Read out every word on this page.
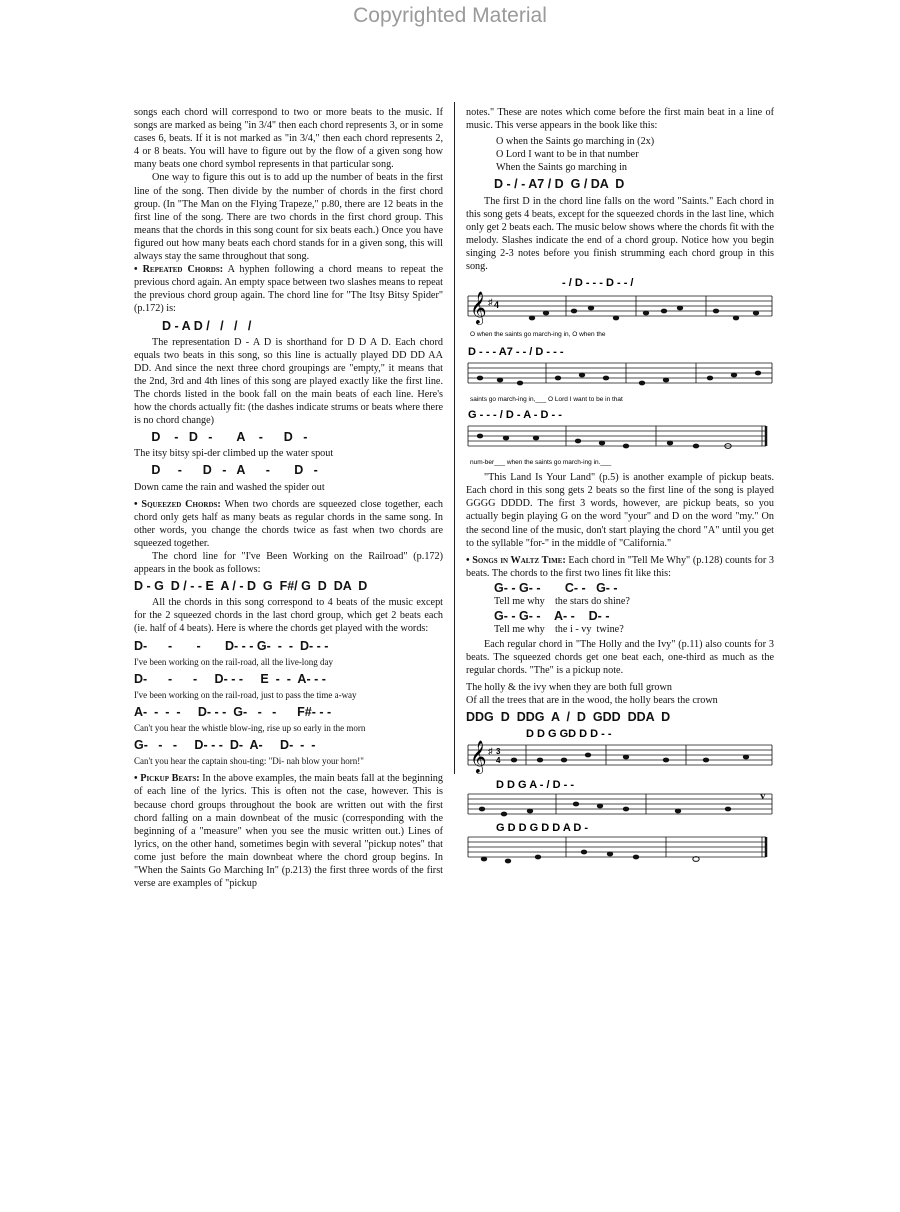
Copyrighted Material

songs each chord will correspond to two or more beats to the music. If songs are marked as being "in 3/4" then each chord represents 3, or in some cases 6, beats. If it is not marked as "in 3/4," then each chord represents 2, 4 or 8 beats. You will have to figure out by the flow of a given song how many beats one chord symbol represents in that particular song.

One way to figure this out is to add up the number of beats in the first line of the song. Then divide by the number of chords in the first chord group. (In "The Man on the Flying Trapeze," p.80, there are 12 beats in the first line of the song. There are two chords in the first chord group. This means that the chords in this song count for six beats each.) Once you have figured out how many beats each chord stands for in a given song, this will always stay the same throughout that song.

• Repeated Chords: A hyphen following a chord means to repeat the previous chord again. An empty space between two slashes means to repeat the previous chord group again. The chord line for "The Itsy Bitsy Spider" (p.172) is:

D - A D /   /   /   /

The representation D - A D is shorthand for D D A D. Each chord equals two beats in this song, so this line is actually played DD DD AA DD. And since the next three chord groupings are "empty," it means that the 2nd, 3rd and 4th lines of this song are played exactly like the first line. The chords listed in the book fall on the main beats of each line. Here's how the chords actually fit: (the dashes indicate strums or beats where there is no chord change)

D    -   D   -       A    -      D   -
The itsy bitsy spi-der climbed up the water spout
D     -      D   -   A      -       D   -
Down came the rain and washed the spider out

• Squeezed Chords: When two chords are squeezed close together, each chord only gets half as many beats as regular chords in the same song. In other words, you change the chords twice as fast when two chords are squeezed together.

The chord line for "I've Been Working on the Railroad" (p.172) appears in the book as follows:

D - G  D / - - E  A / - D  G  F#/ G  D  DA  D

All the chords in this song correspond to 4 beats of the music except for the 2 squeezed chords in the last chord group, which get 2 beats each (ie. half of 4 beats). Here is where the chords get played with the words:

D-      -       -       D- - - G-  -  -  D- - -
I've been working on the rail-road, all the live-long day
D-      -      -     D- - -     E  -  -  A- - -
I've been working on the rail-road, just to pass the time a-way
A-  -  -  -     D- - -  G-   -   -      F#- - -
Can't you hear the whistle blow-ing, rise up so early in the morn
G-   -   -     D- - -  D-  A-     D-  -  -
Can't you hear the captain shou-ting: "Di- nah blow your horn!"

• Pickup Beats: In the above examples, the main beats fall at the beginning of each line of the lyrics. This is often not the case, however. This is because chord groups throughout the book are written out with the first chord falling on a main downbeat of the music (corresponding with the beginning of a "measure" when you see the music written out.) Lines of lyrics, on the other hand, sometimes begin with several "pickup notes" that come just before the main downbeat where the chord group begins. In "When the Saints Go Marching In" (p.213) the first three words of the first verse are examples of "pickup

notes." These are notes which come before the first main beat in a line of music. This verse appears in the book like this:

O when the Saints go marching in (2x)
O Lord I want to be in that number
When the Saints go marching in
D - / - A7 / D  G / DA  D

The first D in the chord line falls on the word "Saints." Each chord in this song gets 4 beats, except for the squeezed chords in the last line, which only get 2 beats each. The music below shows where the chords fit with the melody. Slashes indicate the end of a chord group. Notice how you begin singing 2-3 notes before you finish strumming each chord group in this song.

- / D - - - D - - /
𝄞 ♯ 4
O when the saints go march-ing in, O when the
D - - - A7 - - / D - - -
saints go march-ing in,___ O Lord I want to be in that
G - - - / D - A - D - -
num-ber___ when the saints go march-ing in.___

"This Land Is Your Land" (p.5) is another example of pickup beats. Each chord in this song gets 2 beats so the first line of the song is played GGGG DDDD. The first 3 words, however, are pickup beats, so you actually begin playing G on the word "your" and D on the word "my." On the second line of the music, don't start playing the chord "A" until you get to the syllable "for-" in the middle of "California."

• Songs in Waltz Time: Each chord in "Tell Me Why" (p.128) counts for 3 beats. The chords to the first two lines fit like this:

G- - G- -       C- -   G- -
Tell me why    the stars do shine?
G- - G- -    A- -    D- -
Tell me why    the i - vy  twine?

Each regular chord in "The Holly and the Ivy" (p.11) also counts for 3 beats. The squeezed chords get one beat each, one-third as much as the regular chords. "The" is a pickup note.

The holly & the ivy when they are both full grown
Of all the trees that are in the wood, the holly bears the crown
DDG  D  DDG  A  /  D  GDD  DDA  D
D D G GD D D - -
𝄞 ♯ 3
4
D D G A - / D - -
G D D G D D A D -
v
